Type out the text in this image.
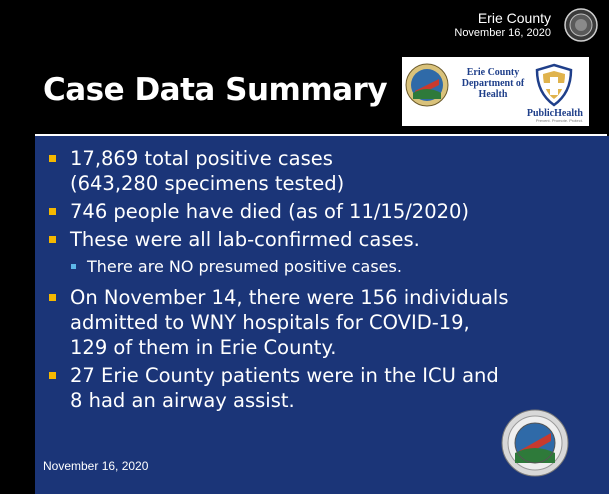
Erie County
November 16, 2020
Case Data Summary	Erie County Department of Health
PublicHealth
Prevent. Promote. Protect.
17,869 total positive cases
(643,280 specimens tested)
746 people have died (as of 11/15/2020)
These were all lab-confirmed cases.
There are NO presumed positive cases.
On November 14, there were 156 individuals
admitted to WNY hospitals for COVID-19,
129 of them in Erie County.
27 Erie County patients were in the ICU and
8 had an airway assist.
November 16, 2020
